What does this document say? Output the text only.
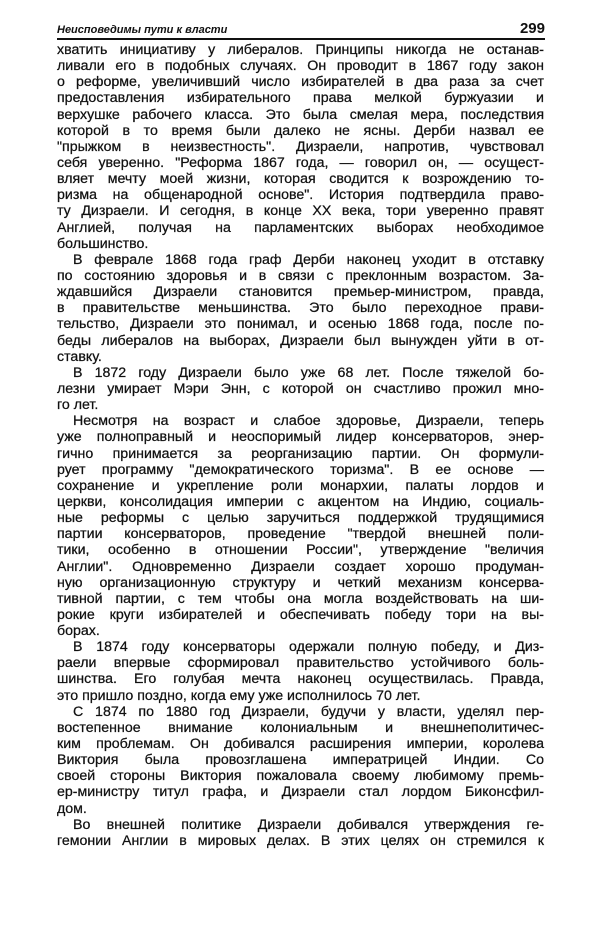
Неисповедимы пути к власти	299
хватить инициативу у либералов. Принципы никогда не останав-
ливали его в подобных случаях. Он проводит в 1867 году закон
о реформе, увеличивший число избирателей в два раза за счет
предоставления избирательного права мелкой буржуазии и
верхушке рабочего класса. Это была смелая мера, последствия
которой в то время были далеко не ясны. Дерби назвал ее
"прыжком в неизвестность". Дизраели, напротив, чувствовал
себя уверенно. "Реформа 1867 года, — говорил он, — осущест-
вляет мечту моей жизни, которая сводится к возрождению то-
ризма на общенародной основе". История подтвердила право-
ту Дизраели. И сегодня, в конце XX века, тори уверенно правят
Англией, получая на парламентских выборах необходимое
большинство.
В феврале 1868 года граф Дерби наконец уходит в отставку
по состоянию здоровья и в связи с преклонным возрастом. За-
ждавшийся Дизраели становится премьер-министром, правда,
в правительстве меньшинства. Это было переходное прави-
тельство, Дизраели это понимал, и осенью 1868 года, после по-
беды либералов на выборах, Дизраели был вынужден уйти в от-
ставку.
В 1872 году Дизраели было уже 68 лет. После тяжелой бо-
лезни умирает Мэри Энн, с которой он счастливо прожил мно-
го лет.
Несмотря на возраст и слабое здоровье, Дизраели, теперь
уже полноправный и неоспоримый лидер консерваторов, энер-
гично принимается за реорганизацию партии. Он формули-
рует программу "демократического торизма". В ее основе —
сохранение и укрепление роли монархии, палаты лордов и
церкви, консолидация империи с акцентом на Индию, социаль-
ные реформы с целью заручиться поддержкой трудящимися
партии консерваторов, проведение "твердой внешней поли-
тики, особенно в отношении России", утверждение "величия
Англии". Одновременно Дизраели создает хорошо продуман-
ную организационную структуру и четкий механизм консерва-
тивной партии, с тем чтобы она могла воздействовать на ши-
рокие круги избирателей и обеспечивать победу тори на вы-
борах.
В 1874 году консерваторы одержали полную победу, и Диз-
раели впервые сформировал правительство устойчивого боль-
шинства. Его голубая мечта наконец осуществилась. Правда,
это пришло поздно, когда ему уже исполнилось 70 лет.
С 1874 по 1880 год Дизраели, будучи у власти, уделял пер-
востепенное внимание колониальным и внешнеполитичес-
ким проблемам. Он добивался расширения империи, королева
Виктория была провозглашена императрицей Индии. Со
своей стороны Виктория пожаловала своему любимому премь-
ер-министру титул графа, и Дизраели стал лордом Биконсфил-
дом.
Во внешней политике Дизраели добивался утверждения ге-
гемонии Англии в мировых делах. В этих целях он стремился к
